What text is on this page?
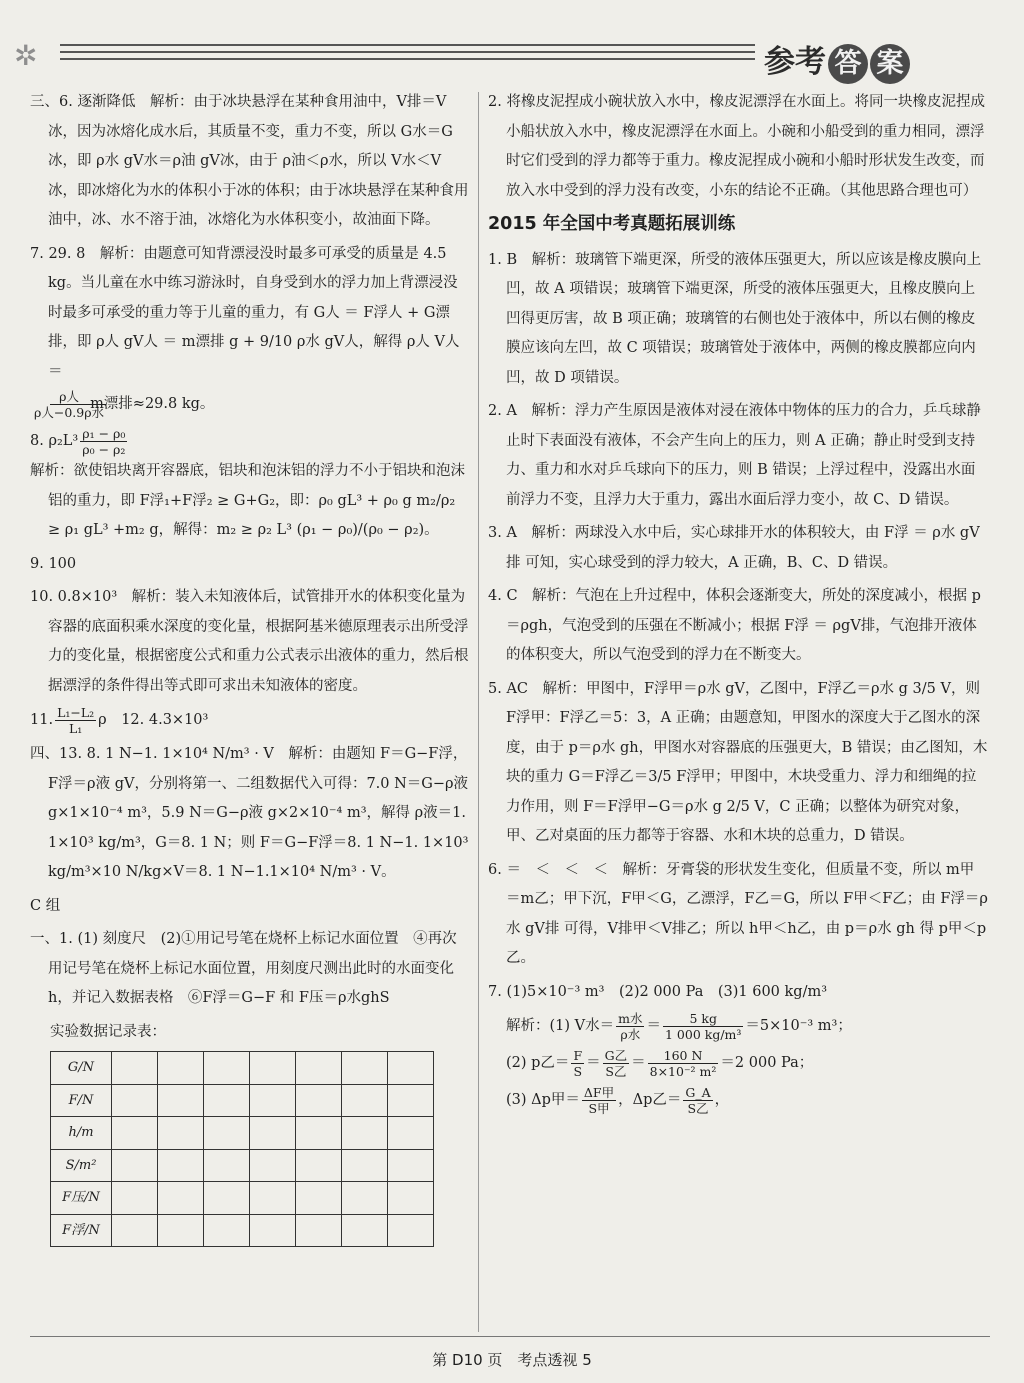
✲	参考 答 案
三、6. 逐渐降低　解析：由于冰块悬浮在某种食用油中，V排＝V冰，因为冰熔化成水后，其质量不变，重力不变，所以 G水＝G冰，即 ρ水 gV水＝ρ油 gV冰，由于 ρ油＜ρ水，所以 V水＜V冰，即冰熔化为水的体积小于冰的体积；由于冰块悬浮在某种食用油中，冰、水不溶于油，冰熔化为水体积变小，故油面下降。
7. 29. 8　解析：由题意可知背漂浸没时最多可承受的质量是 4.5 kg。当儿童在水中练习游泳时，自身受到水的浮力加上背漂浸没时最多可承受的重力等于儿童的重力，有 G人 ＝ F浮人 + G漂排，即 ρ人 gV人 ＝ m漂排 g + 9/10 ρ水 gV人，解得 ρ人 V人 ＝
$\frac{\text{ρ人}}{\text{ρ人−0.9ρ水}}$
m漂排≈29.8 kg。
8. $\rho_2L^3 \frac{\text{ρ₁ − ρ₀}}{\text{ρ₀ − ρ₂}}$
解析：欲使铝块离开容器底，铝块和泡沫铝的浮力不小于铝块和泡沫铝的重力，即 F浮₁+F浮₂ ≥ G+G₂，即：ρ₀ gL³ + ρ₀ g m₂/ρ₂ ≥ ρ₁ gL³ +m₂ g，解得：m₂ ≥ ρ₂ L³ (ρ₁ − ρ₀)/(ρ₀ − ρ₂)。
9. 100
10. 0.8×10³　解析：装入未知液体后，试管排开水的体积变化量为容器的底面积乘水深度的变化量，根据阿基米德原理表示出所受浮力的变化量，根据密度公式和重力公式表示出液体的重力，然后根据漂浮的条件得出等式即可求出未知液体的密度。
11. $\frac{\text{L₁−L₂}}{\text{L₁}}$ ρ　12. 4.3×10³
四、13. 8. 1 N−1. 1×10⁴ N/m³ · V　解析：由题知 F＝G−F浮，F浮＝ρ液 gV，分别将第一、二组数据代入可得：7.0 N＝G−ρ液 g×1×10⁻⁴ m³，5.9 N＝G−ρ液 g×2×10⁻⁴ m³，解得 ρ液＝1. 1×10³ kg/m³，G＝8. 1 N；则 F＝G−F浮＝8. 1 N−1. 1×10³ kg/m³×10 N/kg×V＝8. 1 N−1.1×10⁴ N/m³ · V。
C 组
一、1. (1) 刻度尺　(2)①用记号笔在烧杯上标记水面位置　④再次用记号笔在烧杯上标记水面位置，用刻度尺测出此时的水面变化 h，并记入数据表格　⑥F浮＝G−F 和 F压＝ρ水ghS
实验数据记录表：
G/N							
F/N							
h/m							
S/m²							
F压/N							
F浮/N							
2. 将橡皮泥捏成小碗状放入水中，橡皮泥漂浮在水面上。将同一块橡皮泥捏成小船状放入水中，橡皮泥漂浮在水面上。小碗和小船受到的重力相同，漂浮时它们受到的浮力都等于重力。橡皮泥捏成小碗和小船时形状发生改变，而放入水中受到的浮力没有改变，小东的结论不正确。（其他思路合理也可）
2015 年全国中考真题拓展训练
1. B　解析：玻璃管下端更深，所受的液体压强更大，所以应该是橡皮膜向上凹，故 A 项错误；玻璃管下端更深，所受的液体压强更大，且橡皮膜向上凹得更厉害，故 B 项正确；玻璃管的右侧也处于液体中，所以右侧的橡皮膜应该向左凹，故 C 项错误；玻璃管处于液体中，两侧的橡皮膜都应向内凹，故 D 项错误。
2. A　解析：浮力产生原因是液体对浸在液体中物体的压力的合力，乒乓球静止时下表面没有液体，不会产生向上的压力，则 A 正确；静止时受到支持力、重力和水对乒乓球向下的压力，则 B 错误；上浮过程中，没露出水面前浮力不变，且浮力大于重力，露出水面后浮力变小，故 C、D 错误。
3. A　解析：两球没入水中后，实心球排开水的体积较大，由 F浮 ＝ ρ水 gV排 可知，实心球受到的浮力较大，A 正确，B、C、D 错误。
4. C　解析：气泡在上升过程中，体积会逐渐变大，所处的深度减小，根据 p＝ρgh，气泡受到的压强在不断减小；根据 F浮 ＝ ρgV排，气泡排开液体的体积变大，所以气泡受到的浮力在不断变大。
5. AC　解析：甲图中，F浮甲＝ρ水 gV，乙图中，F浮乙＝ρ水 g 3/5 V，则 F浮甲：F浮乙＝5：3，A 正确；由题意知，甲图水的深度大于乙图水的深度，由于 p＝ρ水 gh，甲图水对容器底的压强更大，B 错误；由乙图知，木块的重力 G＝F浮乙＝3/5 F浮甲；甲图中，木块受重力、浮力和细绳的拉力作用，则 F＝F浮甲−G＝ρ水 g 2/5 V，C 正确；以整体为研究对象，甲、乙对桌面的压力都等于容器、水和木块的总重力，D 错误。
6. ＝　＜　＜　＜　解析：牙膏袋的形状发生变化，但质量不变，所以 m甲＝m乙；甲下沉，F甲＜G，乙漂浮，F乙＝G，所以 F甲＜F乙；由 F浮＝ρ水 gV排 可得，V排甲＜V排乙；所以 h甲＜h乙，由 p＝ρ水 gh 得 p甲＜p乙。
7. (1)5×10⁻³ m³　(2)2 000 Pa　(3)1 600 kg/m³
解析：(1) V水＝ $\frac{\text{m水}}{\text{ρ水}} = \frac{5 kg}{\text{1 000 kg/m³}} =5\times 10^{-3}$ m³；
(2) p乙＝ $\frac{F}{S} = \frac{\text{G乙}}{\text{S乙}} = \frac{160 N}{\text{8×10⁻² m²}} =2$ 000 Pa；
(3) Δp甲＝ $\frac{\text{ΔF甲}}{\text{S甲}}$ ，Δp乙＝ $\frac{G\_A}{\text{S乙}}$ ，
第 D10 页　考点透视 5
